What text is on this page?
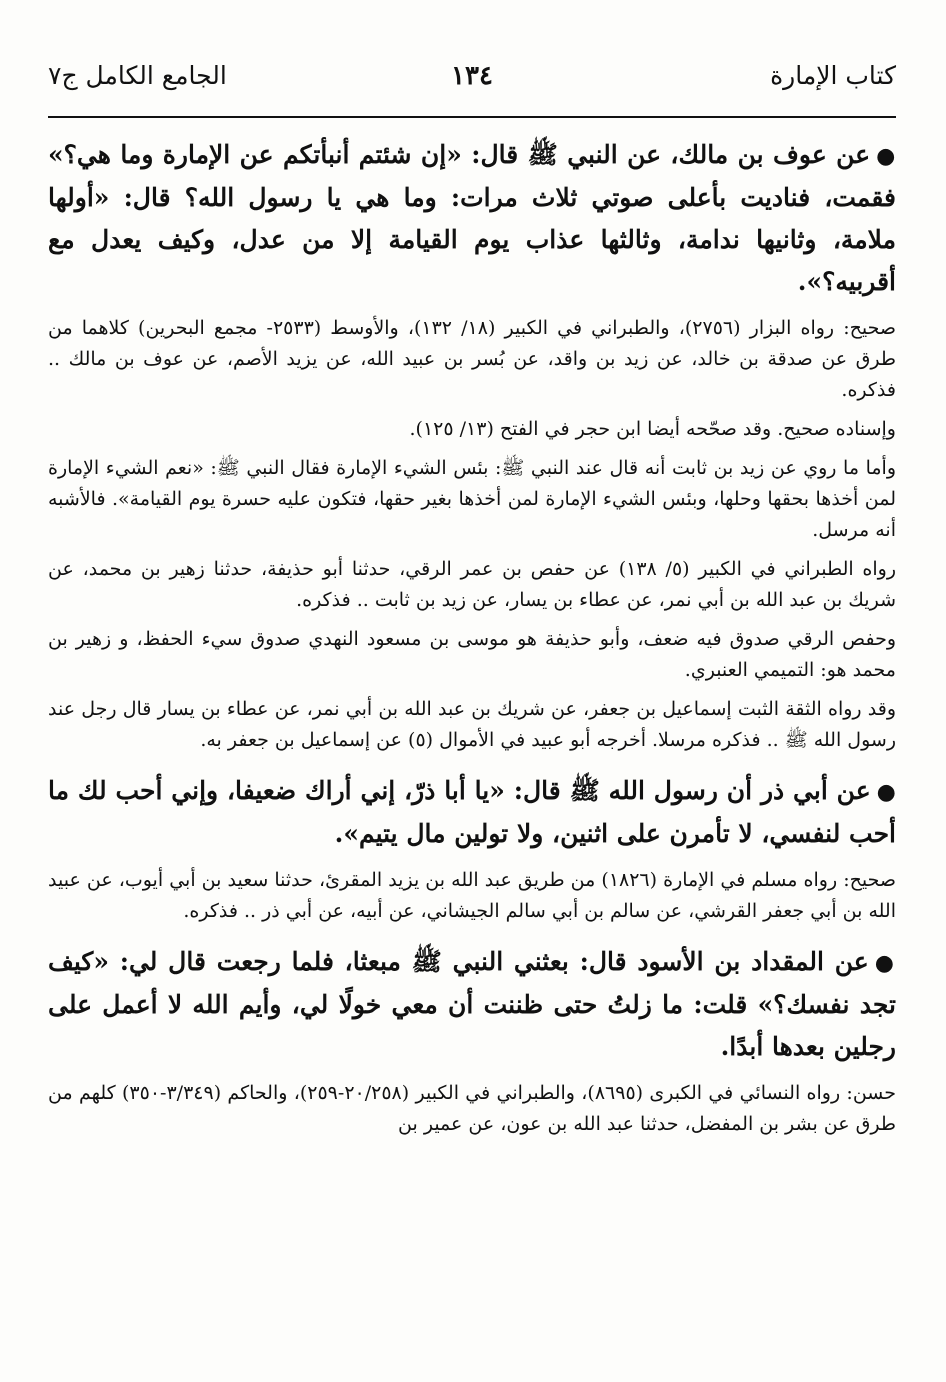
كتاب الإمارة
١٣٤
الجامع الكامل ج٧

●عن عوف بن مالك، عن النبي ﷺ قال: «إن شئتم أنبأتكم عن الإمارة وما هي؟» فقمت، فناديت بأعلى صوتي ثلاث مرات: وما هي يا رسول الله؟ قال: «أولها ملامة، وثانيها ندامة، وثالثها عذاب يوم القيامة إلا من عدل، وكيف يعدل مع أقربيه؟».

صحيح: رواه البزار (٢٧٥٦)، والطبراني في الكبير (١٨/ ١٣٢)، والأوسط (٢٥٣٣- مجمع البحرين) كلاهما من طرق عن صدقة بن خالد، عن زيد بن واقد، عن بُسر بن عبيد الله، عن يزيد الأصم، عن عوف بن مالك .. فذكره.

وإسناده صحيح. وقد صحّحه أيضا ابن حجر في الفتح (١٣/ ١٢٥).

وأما ما روي عن زيد بن ثابت أنه قال عند النبي ﷺ: بئس الشيء الإمارة فقال النبي ﷺ: «نعم الشيء الإمارة لمن أخذها بحقها وحلها، وبئس الشيء الإمارة لمن أخذها بغير حقها، فتكون عليه حسرة يوم القيامة». فالأشبه أنه مرسل.

رواه الطبراني في الكبير (٥/ ١٣٨) عن حفص بن عمر الرقي، حدثنا أبو حذيفة، حدثنا زهير بن محمد، عن شريك بن عبد الله بن أبي نمر، عن عطاء بن يسار، عن زيد بن ثابت .. فذكره.

وحفص الرقي صدوق فيه ضعف، وأبو حذيفة هو موسى بن مسعود النهدي صدوق سيء الحفظ، و زهير بن محمد هو: التميمي العنبري.

وقد رواه الثقة الثبت إسماعيل بن جعفر، عن شريك بن عبد الله بن أبي نمر، عن عطاء بن يسار قال رجل عند رسول الله ﷺ .. فذكره مرسلا. أخرجه أبو عبيد في الأموال (٥) عن إسماعيل بن جعفر به.

●عن أبي ذر أن رسول الله ﷺ قال: «يا أبا ذرّ، إني أراك ضعيفا، وإني أحب لك ما أحب لنفسي، لا تأمرن على اثنين، ولا تولين مال يتيم».

صحيح: رواه مسلم في الإمارة (١٨٢٦) من طريق عبد الله بن يزيد المقرئ، حدثنا سعيد بن أبي أيوب، عن عبيد الله بن أبي جعفر القرشي، عن سالم بن أبي سالم الجيشاني، عن أبيه، عن أبي ذر .. فذكره.

●عن المقداد بن الأسود قال: بعثني النبي ﷺ مبعثا، فلما رجعت قال لي: «كيف تجد نفسك؟» قلت: ما زلتُ حتى ظننت أن معي خولًا لي، وأيم الله لا أعمل على رجلين بعدها أبدًا.

حسن: رواه النسائي في الكبرى (٨٦٩٥)، والطبراني في الكبير (٢٠/٢٥٨-٢٥٩)، والحاكم (٣/٣٤٩-٣٥٠) كلهم من طرق عن بشر بن المفضل، حدثنا عبد الله بن عون، عن عمير بن
